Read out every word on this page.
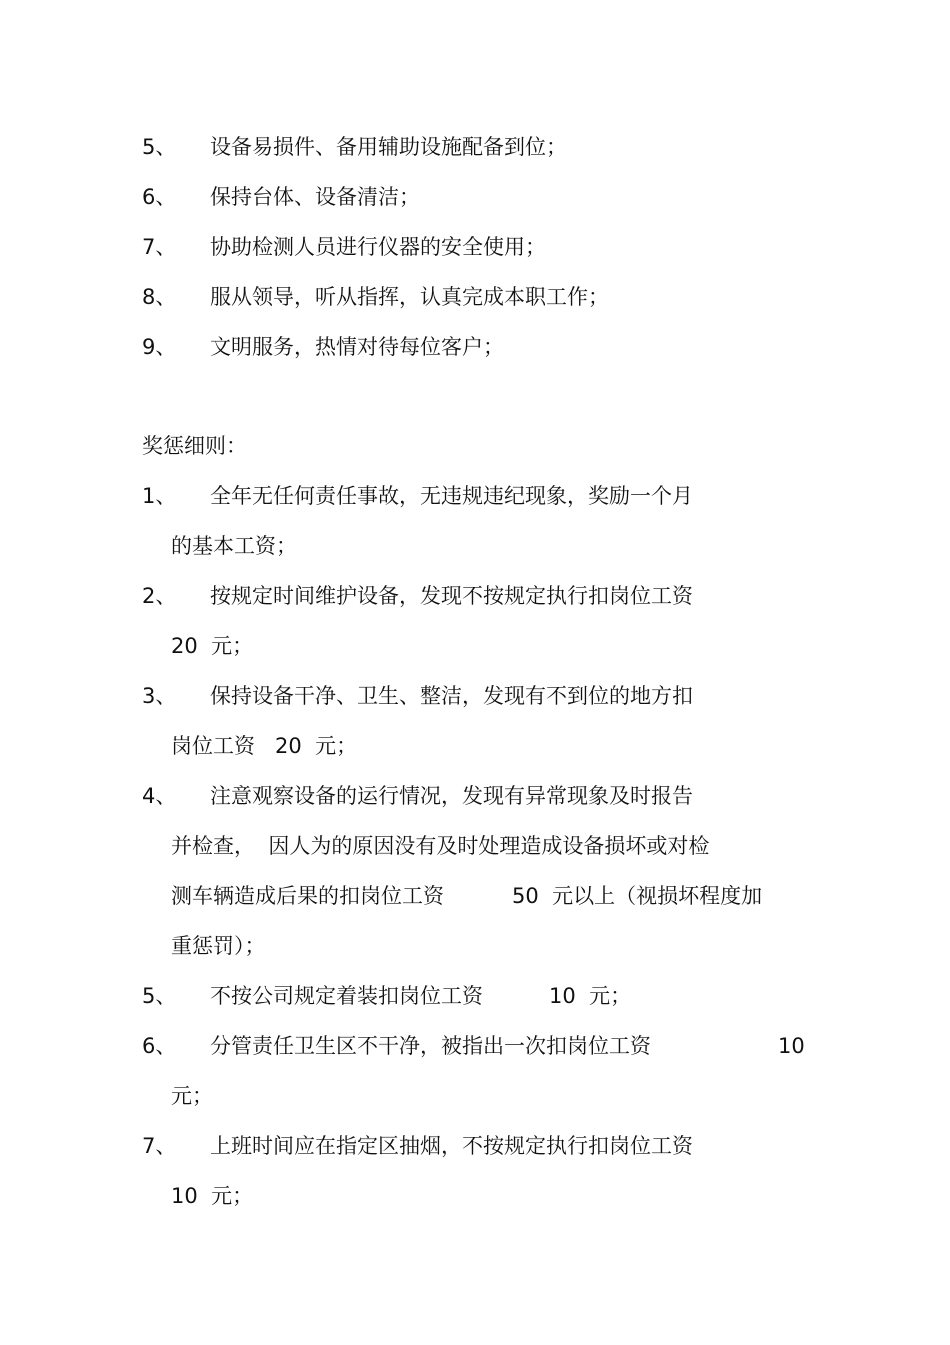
5、 设备易损件、备用辅助设施配备到位；
6、 保持台体、设备清洁；
7、 协助检测人员进行仪器的安全使用；
8、 服从领导，听从指挥，认真完成本职工作；
9、 文明服务，热情对待每位客户；
奖惩细则：
1、 全年无任何责任事故，无违规违纪现象，奖励一个月
的基本工资；
2、 按规定时间维护设备，发现不按规定执行扣岗位工资
20  元；
3、 保持设备干净、卫生、整洁，发现有不到位的地方扣
岗位工资   20  元；
4、 注意观察设备的运行情况，发现有异常现象及时报告
并检查，  因人为的原因没有及时处理造成设备损坏或对检
测车辆造成后果的扣岗位工资	50  元以上（视损坏程度加
重惩罚）；
5、 不按公司规定着装扣岗位工资	10  元；
6、 分管责任卫生区不干净，被指出一次扣岗位工资	10
元；
7、 上班时间应在指定区抽烟，不按规定执行扣岗位工资
10  元；
